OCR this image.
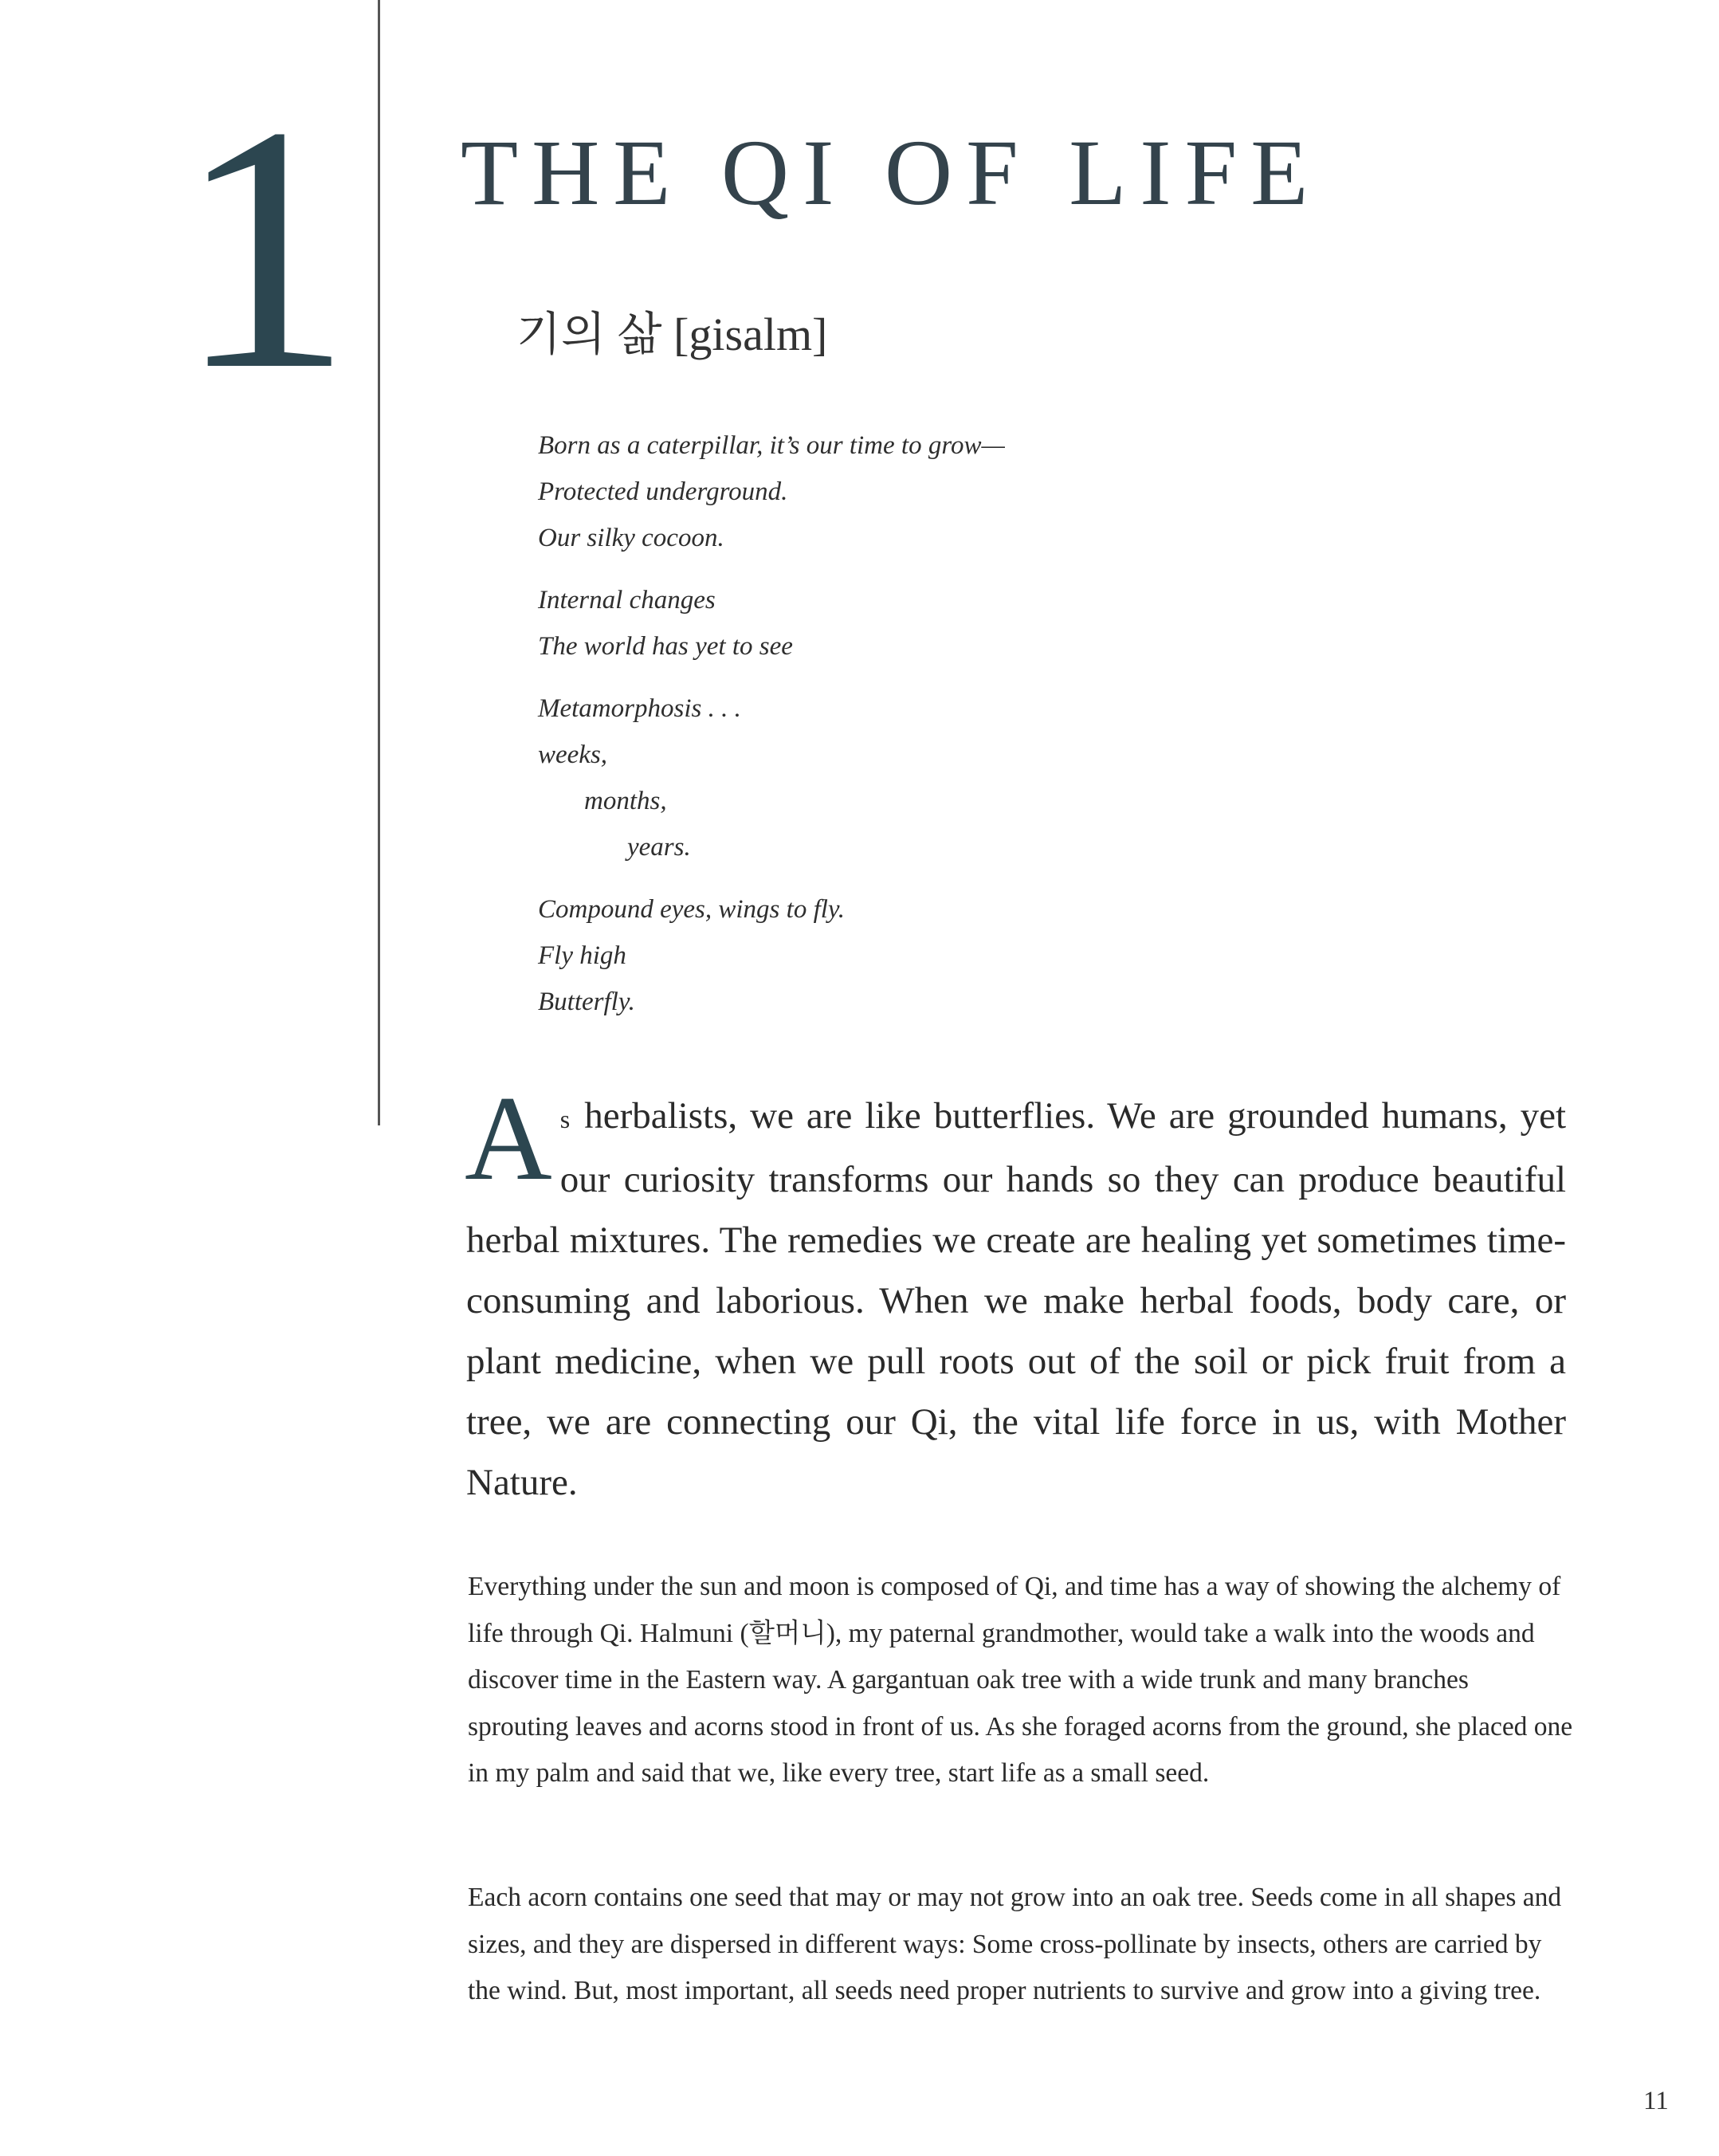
1 THE QI OF LIFE
기의 삶 [gisalm]
Born as a caterpillar, it’s our time to grow—
Protected underground.
Our silky cocoon.
Internal changes
The world has yet to see
Metamorphosis . . .
weeks,
months,
years.
Compound eyes, wings to fly.
Fly high
Butterfly.
As herbalists, we are like butterflies. We are grounded humans, yet our curiosity transforms our hands so they can produce beautiful herbal mixtures. The remedies we create are healing yet sometimes time-consuming and laborious. When we make herbal foods, body care, or plant medicine, when we pull roots out of the soil or pick fruit from a tree, we are connecting our Qi, the vital life force in us, with Mother Nature.

Everything under the sun and moon is composed of Qi, and time has a way of showing the alchemy of life through Qi. Halmuni (할머니), my paternal grandmother, would take a walk into the woods and discover time in the Eastern way. A gargantuan oak tree with a wide trunk and many branches sprouting leaves and acorns stood in front of us. As she foraged acorns from the ground, she placed one in my palm and said that we, like every tree, start life as a small seed.

Each acorn contains one seed that may or may not grow into an oak tree. Seeds come in all shapes and sizes, and they are dispersed in different ways: Some cross-pollinate by insects, others are carried by the wind. But, most important, all seeds need proper nutrients to survive and grow into a giving tree.

11
